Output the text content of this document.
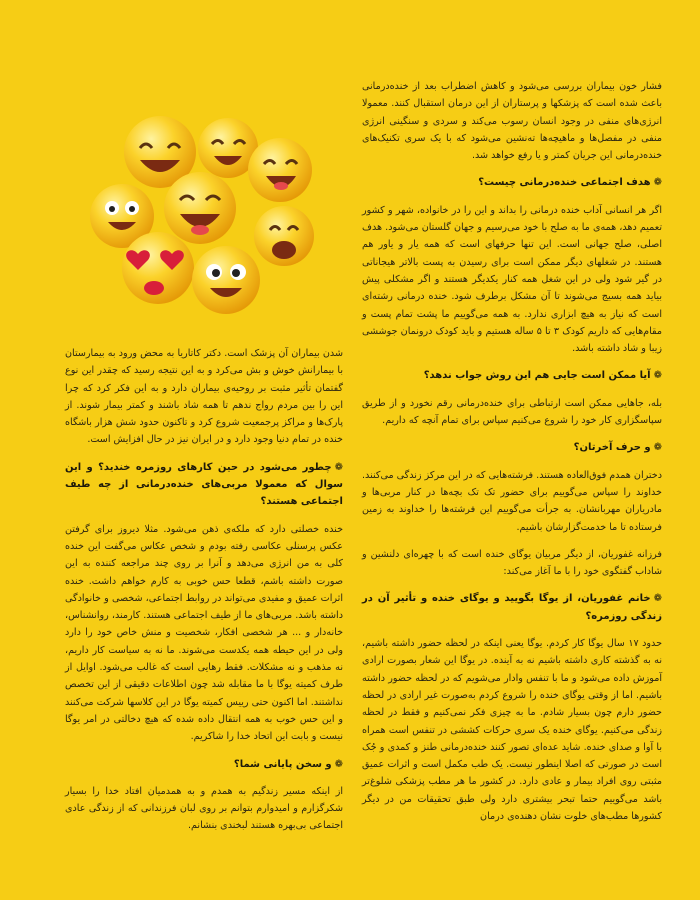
فشار خون بیماران بررسی می‌شود و کاهش اضطراب بعد از خنده‌درمانی باعث شده است که پزشکها و پرستاران از این درمان استقبال کنند. معمولا انرژی‌های منفی در وجود انسان رسوب می‌کند و سردی و سنگینی انرژی منفی در مفصل‌ها و ماهیچه‌ها ته‌نشین می‌شود که با یک سری تکنیک‌های خنده‌درمانی این جریان کمتر و یا رفع خواهد شد.

❁هدف اجتماعی خنده‌درمانی چیست؟

اگر هر انسانی آداب خنده درمانی را بداند و این را در خانواده، شهر و کشور تعمیم دهد، همه‌ی ما به صلح با خود می‌رسیم و جهان گلستان می‌شود. هدف اصلی، صلح جهانی است. این تنها حرفهای است که همه یار و یاور هم هستند. در شغلهای دیگر ممکن است برای رسیدن به پست بالاتر هیجاناتی در گیر شود ولی در این شغل همه کنار یکدیگر هستند و اگر مشکلی پیش بیاید همه بسیج می‌شوند تا آن مشکل برطرف شود. خنده درمانی رشته‌ای است که نیاز به هیچ ابزاری ندارد. به همه می‌گوییم ما پشت تمام پست و مقام‌هایی که داریم کودک ۳ تا ۵ ساله هستیم و باید کودک درونمان جوششی زیبا و شاد داشته باشد.

❁آیا ممکن است جایی هم این روش جواب ندهد؟

بله، جاهایی ممکن است ارتباطی برای خنده‌درمانی رقم نخورد و از طریق سپاسگزاری کار خود را شروع می‌کنیم سپاس برای تمام آنچه که داریم.

❁و حرف آخرتان؟

دختران همدم فوق‌العاده هستند. فرشته‌هایی که در این مرکز زندگی می‌کنند. خداوند را سپاس می‌گوییم برای حضور تک تک بچه‌ها در کنار مربی‌ها و مادریاران مهربانشان. به جرأت می‌گوییم این فرشته‌ها را خداوند به زمین فرستاده تا ما خدمت‌گزارشان باشیم.

فرزانه غفوریان، از دیگر مربیان یوگای خنده است که با چهره‌ای دلنشین و شاداب گفتگوی خود را با ما آغاز می‌کند:

❁خانم غفوریان، از یوگا بگویید و یوگای خنده و تأثیر آن در زندگی روزمره؟

حدود ۱۷ سال یوگا کار کردم. یوگا یعنی اینکه در لحظه حضور داشته باشیم، نه به گذشته کاری داشته باشیم نه به آینده. در یوگا این شعار بصورت ارادی آموزش داده می‌شود و ما با تنفس وادار می‌شویم که در لحظه حضور داشته باشیم. اما از وقتی یوگای خنده را شروع کردم به‌صورت غیر ارادی در لحظه حضور دارم چون بسیار شادم. ما به چیزی فکر نمی‌کنیم و فقط در لحظه زندگی می‌کنیم. یوگای خنده یک سری حرکات کششی در تنفس است همراه با آوا و صدای خنده. شاید عده‌ای تصور کنند خنده‌درمانی طنز و کمدی و جُک است در صورتی که اصلا اینطور نیست. یک طب مکمل است و اثرات عمیق مثبتی روی افراد بیمار و عادی دارد. در کشور ما هر مطب پزشکی شلوغ‌تر باشد می‌گوییم حتما تبحر بیشتری دارد ولی طبق تحقیقات من در دیگر کشورها مطب‌های خلوت نشان دهنده‌ی درمان

شدن بیماران آن پزشک است. دکتر کاتاریا به محض ورود به بیمارستان با بیمارانش خوش و بش می‌کرد و به این نتیجه رسید که چقدر این نوع گفتمان تأثیر مثبت بر روحیه‌ی بیماران دارد و به این فکر کرد که چرا این را بین مردم رواج ندهم تا همه شاد باشند و کمتر بیمار شوند. از پارک‌ها و مراکز پرجمعیت شروع کرد و تاکنون حدود شش هزار باشگاه خنده در تمام دنیا وجود دارد و در ایران نیز در حال افزایش است.

❁چطور می‌شود در حین کارهای روزمره خندید؟ و این سوال که معمولا مربی‌های خنده‌درمانی از چه طیف اجتماعی هستند؟

خنده خصلتی دارد که ملکه‌ی ذهن می‌شود. مثلا دیروز برای گرفتن عکس پرسنلی عکاسی رفته بودم و شخص عکاس می‌گفت این خنده کلی به من انرژی می‌دهد و آنرا بر روی چند مراجعه کننده به این صورت داشته باشم، قطعا حس خوبی به کارم خواهم داشت. خنده اثرات عمیق و مفیدی می‌تواند در روابط اجتماعی، شخصی و خانوادگی داشته باشد. مربی‌های ما از طیف اجتماعی هستند. کارمند، روانشناس، خانه‌دار و ... هر شخصی افکار، شخصیت و منش خاص خود را دارد ولی در این حیطه همه یکدست می‌شوند. ما نه به سیاست کار داریم، نه مذهب و نه مشکلات. فقط رهایی است که غالب می‌شود. اوایل از طرف کمیته یوگا با ما مقابله شد چون اطلاعات دقیقی از این تخصص نداشتند. اما اکنون حتی رییس کمیته یوگا در این کلاسها شرکت می‌کنند و این حس خوب به همه انتقال داده شده که هیچ دخالتی در امر یوگا نیست و بابت این اتحاد خدا را شاکریم.

❁و سخن پایانی شما؟

از اینکه مسیر زندگیم به همدم و به همدمیان افتاد خدا را بسیار شکرگزارم و امیدوارم بتوانم بر روی لبان فرزندانی که از زندگی عادی اجتماعی بی‌بهره هستند لبخندی بنشانم.
